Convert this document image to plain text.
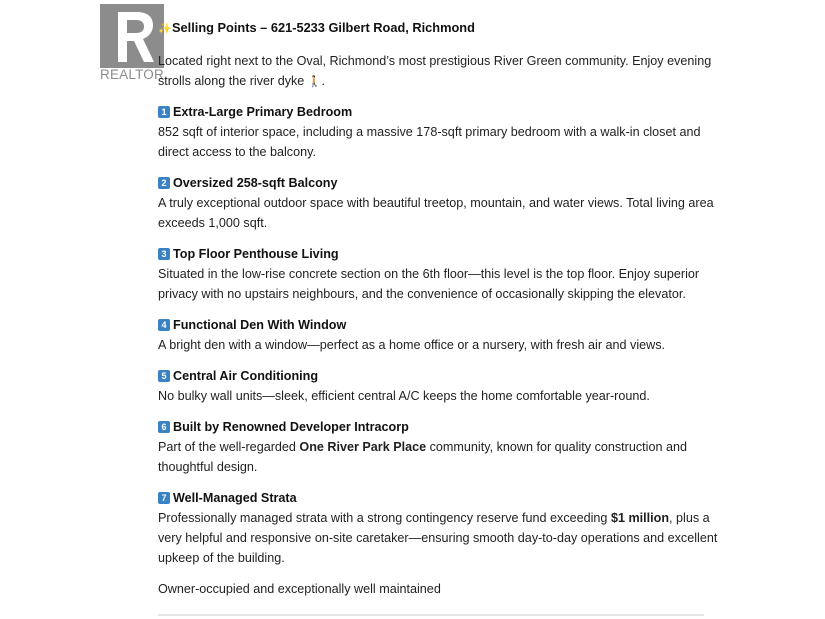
REALTOR

✨Selling Points – 621-5233 Gilbert Road, Richmond

Located right next to the Oval, Richmond’s most prestigious River Green community. Enjoy evening strolls along the river dyke 🚶.

1 Extra-Large Primary Bedroom

852 sqft of interior space, including a massive 178-sqft primary bedroom with a walk-in closet and direct access to the balcony.

2 Oversized 258-sqft Balcony

A truly exceptional outdoor space with beautiful treetop, mountain, and water views. Total living area exceeds 1,000 sqft.

3 Top Floor Penthouse Living

Situated in the low-rise concrete section on the 6th floor—this level is the top floor. Enjoy superior privacy with no upstairs neighbours, and the convenience of occasionally skipping the elevator.

4 Functional Den With Window

A bright den with a window—perfect as a home office or a nursery, with fresh air and views.

5 Central Air Conditioning

No bulky wall units—sleek, efficient central A/C keeps the home comfortable year-round.

6 Built by Renowned Developer Intracorp

Part of the well-regarded One River Park Place community, known for quality construction and thoughtful design.

7 Well-Managed Strata

Professionally managed strata with a strong contingency reserve fund exceeding $1 million, plus a very helpful and responsive on-site caretaker—ensuring smooth day-to-day operations and excellent upkeep of the building.

Owner-occupied and exceptionally well maintained
